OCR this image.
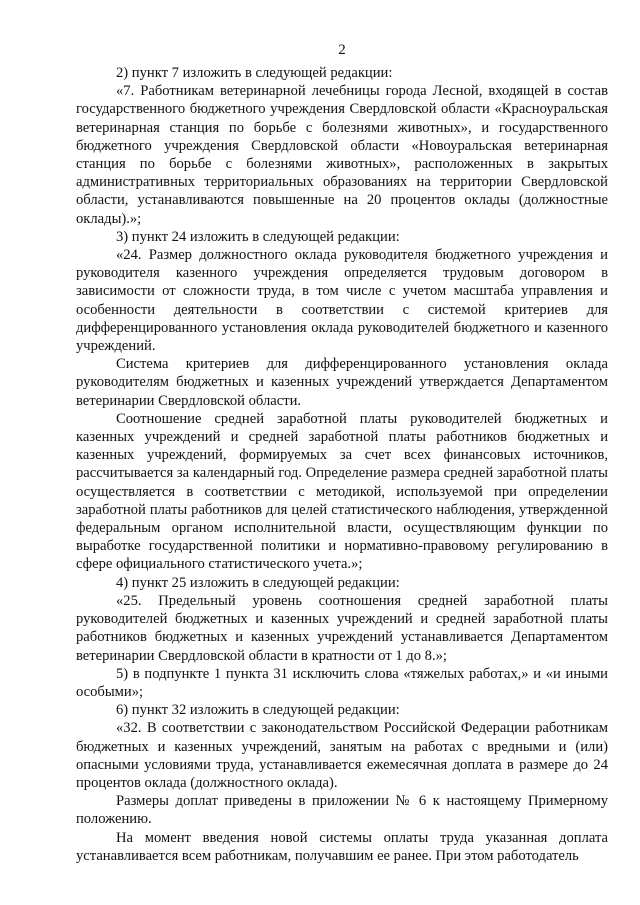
2

2) пункт 7 изложить в следующей редакции:

«7. Работникам ветеринарной лечебницы города Лесной, входящей в состав государственного бюджетного учреждения Свердловской области «Красноуральская ветеринарная станция по борьбе с болезнями животных», и государственного бюджетного учреждения Свердловской области «Новоуральская ветеринарная станция по борьбе с болезнями животных», расположенных в закрытых административных территориальных образованиях на территории Свердловской области, устанавливаются повышенные на 20 процентов оклады (должностные оклады).»;

3) пункт 24 изложить в следующей редакции:

«24. Размер должностного оклада руководителя бюджетного учреждения и руководителя казенного учреждения определяется трудовым договором в зависимости от сложности труда, в том числе с учетом масштаба управления и особенности деятельности в соответствии с системой критериев для дифференцированного установления оклада руководителей бюджетного и казенного учреждений.

Система критериев для дифференцированного установления оклада руководителям бюджетных и казенных учреждений утверждается Департаментом ветеринарии Свердловской области.

Соотношение средней заработной платы руководителей бюджетных и казенных учреждений и средней заработной платы работников бюджетных и казенных учреждений, формируемых за счет всех финансовых источников, рассчитывается за календарный год. Определение размера средней заработной платы осуществляется в соответствии с методикой, используемой при определении заработной платы работников для целей статистического наблюдения, утвержденной федеральным органом исполнительной власти, осуществляющим функции по выработке государственной политики и нормативно-правовому регулированию в сфере официального статистического учета.»;

4) пункт 25 изложить в следующей редакции:

«25. Предельный уровень соотношения средней заработной платы руководителей бюджетных и казенных учреждений и средней заработной платы работников бюджетных и казенных учреждений устанавливается Департаментом ветеринарии Свердловской области в кратности от 1 до 8.»;

5) в подпункте 1 пункта 31 исключить слова «тяжелых работах,» и «и иными особыми»;

6) пункт 32 изложить в следующей редакции:

«32. В соответствии с законодательством Российской Федерации работникам бюджетных и казенных учреждений, занятым на работах с вредными и (или) опасными условиями труда, устанавливается ежемесячная доплата в размере до 24 процентов оклада (должностного оклада).

Размеры доплат приведены в приложении № 6 к настоящему Примерному положению.

На момент введения новой системы оплаты труда указанная доплата устанавливается всем работникам, получавшим ее ранее. При этом работодатель
